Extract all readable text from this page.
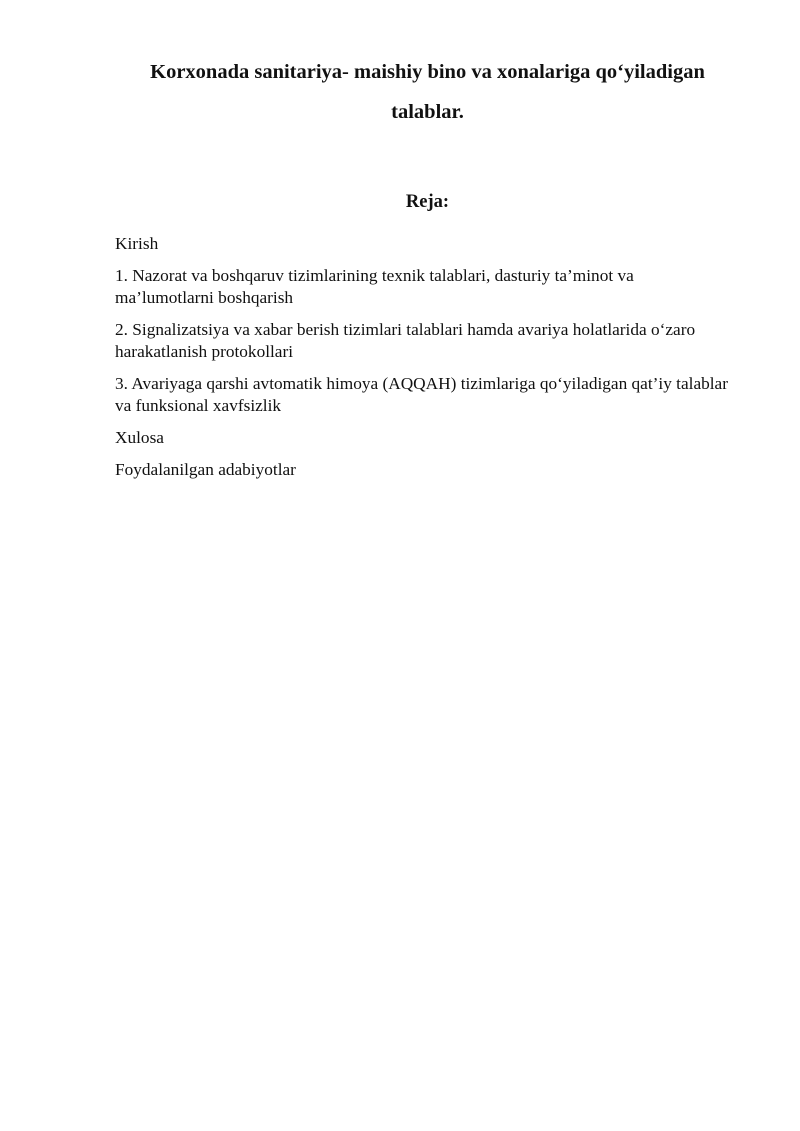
Korxonada sanitariya- maishiy bino va xonalariga qo‘yiladigan talablar.
Reja:
Kirish
1. Nazorat va boshqaruv tizimlarining texnik talablari, dasturiy ta’minot va ma’lumotlarni boshqarish
2. Signalizatsiya va xabar berish tizimlari talablari hamda avariya holatlarida o‘zaro harakatlanish protokollari
3. Avariyaga qarshi avtomatik himoya (AQQAH) tizimlariga qo‘yiladigan qat’iy talablar va funksional xavfsizlik
Xulosa
Foydalanilgan adabiyotlar
